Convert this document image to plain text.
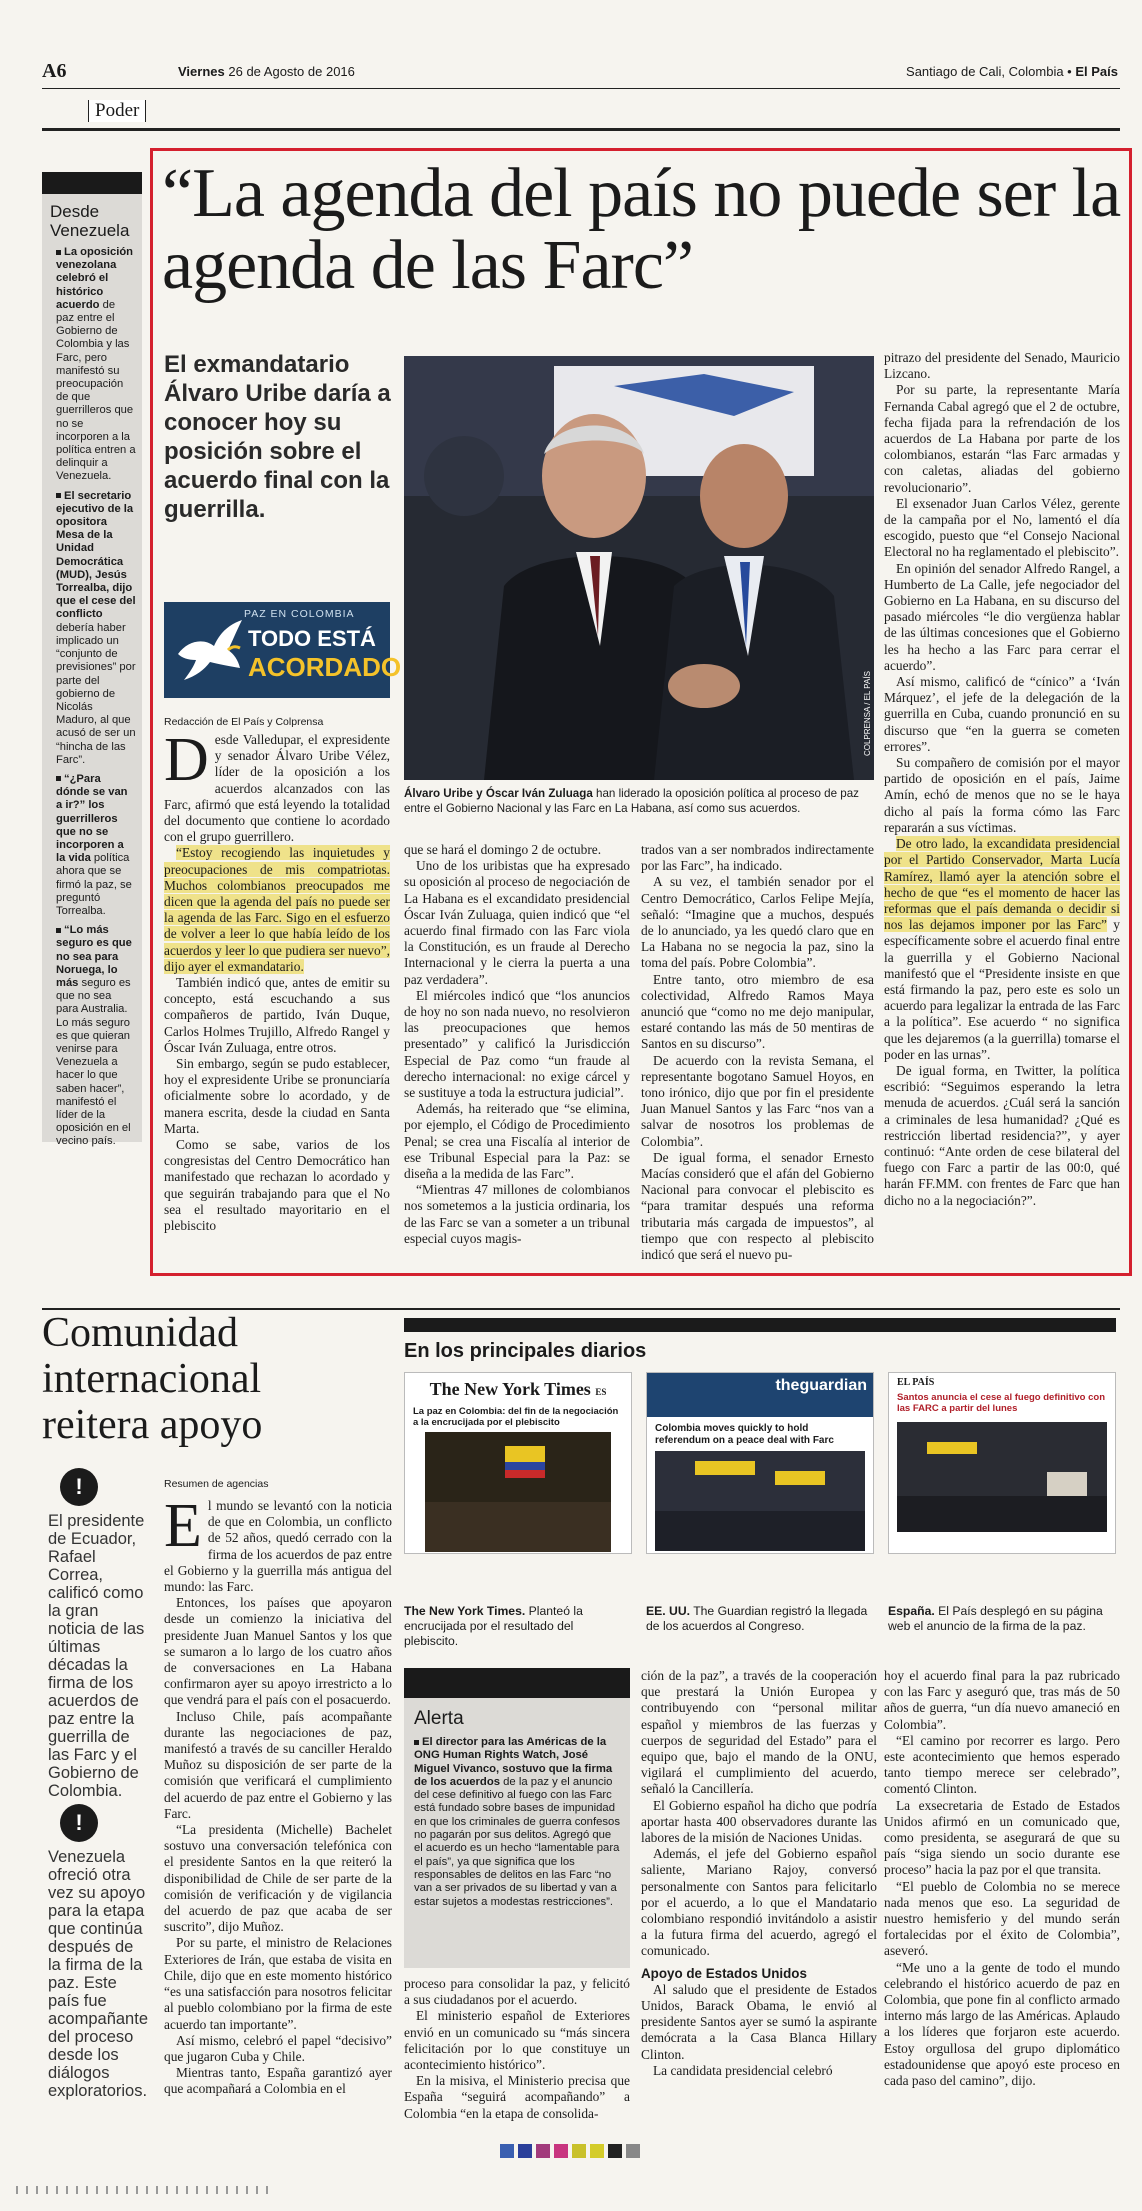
A6	Viernes 26 de Agosto de 2016	Santiago de Cali, Colombia • El País
Poder
Desde Venezuela
La oposición venezolana celebró el histórico acuerdo de paz entre el Gobierno de Colombia y las Farc, pero manifestó su preocupación de que guerrilleros que no se incorporen a la política entren a delinquir a Venezuela.
El secretario ejecutivo de la opositora Mesa de la Unidad Democrática (MUD), Jesús Torrealba, dijo que el cese del conflicto debería haber implicado un “conjunto de previsiones” por parte del gobierno de Nicolás Maduro, al que acusó de ser un “hincha de las Farc”.
“¿Para dónde se van a ir?” los guerrilleros que no se incorporen a la vida política ahora que se firmó la paz, se preguntó Torrealba.
“Lo más seguro es que no sea para Noruega, lo más seguro es que no sea para Australia. Lo más seguro es que quieran venirse para Venezuela a hacer lo que saben hacer”, manifestó el líder de la oposición en el vecino país.
“La agenda del país no puede ser la agenda de las Farc”
El exmandatario Álvaro Uribe daría a conocer hoy su posición sobre el acuerdo final con la guerrilla.
PAZ EN COLOMBIA
TODO ESTÁ
ACORDADO
Redacción de El País y Colprensa	COLPRENSA / EL PAÍS
Álvaro Uribe y Óscar Iván Zuluaga han liderado la oposición política al proceso de paz entre el Gobierno Nacional y las Farc en La Habana, así como sus acuerdos.

Desde Valledupar, el expresidente y senador Álvaro Uribe Vélez, líder de la oposición a los acuerdos alcanzados con las Farc, afirmó que está leyendo la totalidad del documento que contiene lo acordado con el grupo guerrillero.

“Estoy recogiendo las inquietudes y preocupaciones de mis compatriotas. Muchos colombianos preocupados me dicen que la agenda del país no puede ser la agenda de las Farc. Sigo en el esfuerzo de volver a leer lo que había leído de los acuerdos y leer lo que pudiera ser nuevo”, dijo ayer el exmandatario.

También indicó que, antes de emitir su concepto, está escuchando a sus compañeros de partido, Iván Duque, Carlos Holmes Trujillo, Alfredo Rangel y Óscar Iván Zuluaga, entre otros.

Sin embargo, según se pudo establecer, hoy el expresidente Uribe se pronunciaría oficialmente sobre lo acordado, y de manera escrita, desde la ciudad en Santa Marta.

Como se sabe, varios de los congresistas del Centro Democrático han manifestado que rechazan lo acordado y que seguirán trabajando para que el No sea el resultado mayoritario en el plebiscito

que se hará el domingo 2 de octubre.

Uno de los uribistas que ha expresado su oposición al proceso de negociación de La Habana es el excandidato presidencial Óscar Iván Zuluaga, quien indicó que “el acuerdo final firmado con las Farc viola la Constitución, es un fraude al Derecho Internacional y le cierra la puerta a una paz verdadera”.

El miércoles indicó que “los anuncios de hoy no son nada nuevo, no resolvieron las preocupaciones que hemos presentado” y calificó la Jurisdicción Especial de Paz como “un fraude al derecho internacional: no exige cárcel y se sustituye a toda la estructura judicial”.

Además, ha reiterado que “se elimina, por ejemplo, el Código de Procedimiento Penal; se crea una Fiscalía al interior de ese Tribunal Especial para la Paz: se diseña a la medida de las Farc”.

“Mientras 47 millones de colombianos nos sometemos a la justicia ordinaria, los de las Farc se van a someter a un tribunal especial cuyos magis-

trados van a ser nombrados indirectamente por las Farc”, ha indicado.

A su vez, el también senador por el Centro Democrático, Carlos Felipe Mejía, señaló: “Imagine que a muchos, después de lo anunciado, ya les quedó claro que en La Habana no se negocia la paz, sino la toma del país. Pobre Colombia”.

Entre tanto, otro miembro de esa colectividad, Alfredo Ramos Maya anunció que “como no me dejo manipular, estaré contando las más de 50 mentiras de Santos en su discurso”.

De acuerdo con la revista Semana, el representante bogotano Samuel Hoyos, en tono irónico, dijo que por fin el presidente Juan Manuel Santos y las Farc “nos van a salvar de nosotros los problemas de Colombia”.

De igual forma, el senador Ernesto Macías consideró que el afán del Gobierno Nacional para convocar el plebiscito es “para tramitar después una reforma tributaria más cargada de impuestos”, al tiempo que con respecto al plebiscito indicó que será el nuevo pu-

pitrazo del presidente del Senado, Mauricio Lizcano.

Por su parte, la representante María Fernanda Cabal agregó que el 2 de octubre, fecha fijada para la refrendación de los acuerdos de La Habana por parte de los colombianos, estarán “las Farc armadas y con caletas, aliadas del gobierno revolucionario”.

El exsenador Juan Carlos Vélez, gerente de la campaña por el No, lamentó el día escogido, puesto que “el Consejo Nacional Electoral no ha reglamentado el plebiscito”.

En opinión del senador Alfredo Rangel, a Humberto de La Calle, jefe negociador del Gobierno en La Habana, en su discurso del pasado miércoles “le dio vergüenza hablar de las últimas concesiones que el Gobierno les ha hecho a las Farc para cerrar el acuerdo”.

Así mismo, calificó de “cínico” a ‘Iván Márquez’, el jefe de la delegación de la guerrilla en Cuba, cuando pronunció en su discurso que “en la guerra se cometen errores”.

Su compañero de comisión por el mayor partido de oposición en el país, Jaime Amín, echó de menos que no se le haya dicho al país la forma cómo las Farc repararán a sus víctimas.

De otro lado, la excandidata presidencial por el Partido Conservador, Marta Lucía Ramírez, llamó ayer la atención sobre el hecho de que “es el momento de hacer las reformas que el país demanda o decidir si nos las dejamos imponer por las Farc” y específicamente sobre el acuerdo final entre la guerrilla y el Gobierno Nacional manifestó que el “Presidente insiste en que está firmando la paz, pero este es solo un acuerdo para legalizar la entrada de las Farc a la política”. Ese acuerdo “ no significa que les dejaremos (a la guerrilla) tomarse el poder en las urnas”.

De igual forma, en Twitter, la política escribió: “Seguimos esperando la letra menuda de acuerdos. ¿Cuál será la sanción a criminales de lesa humanidad? ¿Qué es restricción libertad residencia?”, y ayer continuó: “Ante orden de cese bilateral del fuego con Farc a partir de las 00:0, qué harán FF.MM. con frentes de Farc que han dicho no a la negociación?”.

Comunidad internacional reitera apoyo
!
El presidente de Ecuador, Rafael Correa, calificó como la gran noticia de las últimas décadas la firma de los acuerdos de paz entre la guerrilla de las Farc y el Gobierno de Colombia.
!
Venezuela ofreció otra vez su apoyo para la etapa que continúa después de la firma de la paz. Este país fue acompañante del proceso desde los diálogos exploratorios.
Resumen de agencias

El mundo se levantó con la noticia de que en Colombia, un conflicto de 52 años, quedó cerrado con la firma de los acuerdos de paz entre el Gobierno y la guerrilla más antigua del mundo: las Farc.

Entonces, los países que apoyaron desde un comienzo la iniciativa del presidente Juan Manuel Santos y los que se sumaron a lo largo de los cuatro años de conversaciones en La Habana confirmaron ayer su apoyo irrestricto a lo que vendrá para el país con el posacuerdo.

Incluso Chile, país acompañante durante las negociaciones de paz, manifestó a través de su canciller Heraldo Muñoz su disposición de ser parte de la comisión que verificará el cumplimiento del acuerdo de paz entre el Gobierno y las Farc.

“La presidenta (Michelle) Bachelet sostuvo una conversación telefónica con el presidente Santos en la que reiteró la disponibilidad de Chile de ser parte de la comisión de verificación y de vigilancia del acuerdo de paz que acaba de ser suscrito”, dijo Muñoz.

Por su parte, el ministro de Relaciones Exteriores de Irán, que estaba de visita en Chile, dijo que en este momento histórico “es una satisfacción para nosotros felicitar al pueblo colombiano por la firma de este acuerdo tan importante”.

Así mismo, celebró el papel “decisivo” que jugaron Cuba y Chile.

Mientras tanto, España garantizó ayer que acompañará a Colombia en el

En los principales diarios
The New York Times ES
La paz en Colombia: del fin de la negociación a la encrucijada por el plebiscito
The New York Times. Planteó la encrucijada por el resultado del plebiscito.
theguardian
Colombia moves quickly to hold referendum on a peace deal with Farc
EE. UU. The Guardian registró la llegada de los acuerdos al Congreso.
EL PAÍS
Santos anuncia el cese al fuego definitivo con las FARC a partir del lunes
España. El País desplegó en su página web el anuncio de la firma de la paz.
Alerta
El director para las Américas de la ONG Human Rights Watch, José Miguel Vivanco, sostuvo que la firma de los acuerdos de la paz y el anuncio del cese definitivo al fuego con las Farc está fundado sobre bases de impunidad en que los criminales de guerra confesos no pagarán por sus delitos. Agregó que el acuerdo es un hecho “lamentable para el país”, ya que significa que los responsables de delitos en las Farc “no van a ser privados de su libertad y van a estar sujetos a modestas restricciones”.

proceso para consolidar la paz, y felicitó a sus ciudadanos por el acuerdo.

El ministerio español de Exteriores envió en un comunicado su “más sincera felicitación por lo que constituye un acontecimiento histórico”.

En la misiva, el Ministerio precisa que España “seguirá acompañando” a Colombia “en la etapa de consolida-

ción de la paz”, a través de la cooperación que prestará la Unión Europea y contribuyendo con “personal militar español y miembros de las fuerzas y cuerpos de seguridad del Estado” para el equipo que, bajo el mando de la ONU, vigilará el cumplimiento del acuerdo, señaló la Cancillería.

El Gobierno español ha dicho que podría aportar hasta 400 observadores durante las labores de la misión de Naciones Unidas.

Además, el jefe del Gobierno español saliente, Mariano Rajoy, conversó personalmente con Santos para felicitarlo por el acuerdo, a lo que el Mandatario colombiano respondió invitándolo a asistir a la futura firma del acuerdo, agregó el comunicado.

Apoyo de Estados Unidos

Al saludo que el presidente de Estados Unidos, Barack Obama, le envió al presidente Santos ayer se sumó la aspirante demócrata a la Casa Blanca Hillary Clinton.

La candidata presidencial celebró

hoy el acuerdo final para la paz rubricado con las Farc y aseguró que, tras más de 50 años de guerra, “un día nuevo amaneció en Colombia”.

“El camino por recorrer es largo. Pero este acontecimiento que hemos esperado tanto tiempo merece ser celebrado”, comentó Clinton.

La exsecretaria de Estado de Estados Unidos afirmó en un comunicado que, como presidenta, se asegurará de que su país “siga siendo un socio durante ese proceso” hacia la paz por el que transita.

“El pueblo de Colombia no se merece nada menos que eso. La seguridad de nuestro hemisferio y del mundo serán fortalecidas por el éxito de Colombia”, aseveró.

“Me uno a la gente de todo el mundo celebrando el histórico acuerdo de paz en Colombia, que pone fin al conflicto armado interno más largo de las Américas. Aplaudo a los líderes que forjaron este acuerdo. Estoy orgullosa del grupo diplomático estadounidense que apoyó este proceso en cada paso del camino”, dijo.
